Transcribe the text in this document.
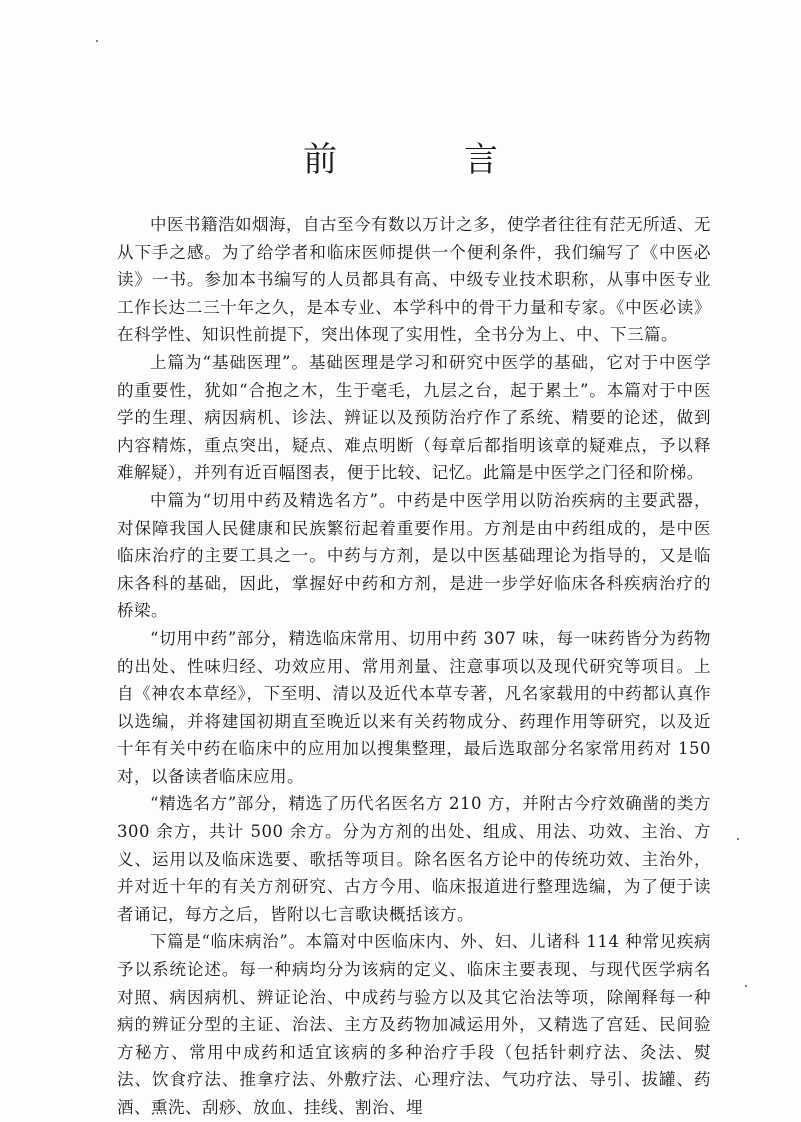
前 言

中医书籍浩如烟海，自古至今有数以万计之多，使学者往往有茫无所适、无从下手之感。为了给学者和临床医师提供一个便利条件，我们编写了《中医必读》一书。参加本书编写的人员都具有高、中级专业技术职称，从事中医专业工作长达二三十年之久，是本专业、本学科中的骨干力量和专家。《中医必读》在科学性、知识性前提下，突出体现了实用性，全书分为上、中、下三篇。

上篇为“基础医理”。基础医理是学习和研究中医学的基础，它对于中医学的重要性，犹如“合抱之木，生于毫毛，九层之台，起于累土”。本篇对于中医学的生理、病因病机、诊法、辨证以及预防治疗作了系统、精要的论述，做到内容精炼，重点突出，疑点、难点明断（每章后都指明该章的疑难点，予以释难解疑），并列有近百幅图表，便于比较、记忆。此篇是中医学之门径和阶梯。

中篇为“切用中药及精选名方”。中药是中医学用以防治疾病的主要武器，对保障我国人民健康和民族繁衍起着重要作用。方剂是由中药组成的，是中医临床治疗的主要工具之一。中药与方剂，是以中医基础理论为指导的，又是临床各科的基础，因此，掌握好中药和方剂，是进一步学好临床各科疾病治疗的桥梁。

“切用中药”部分，精选临床常用、切用中药 307 味，每一味药皆分为药物的出处、性味归经、功效应用、常用剂量、注意事项以及现代研究等项目。上自《神农本草经》，下至明、清以及近代本草专著，凡名家载用的中药都认真作以选编，并将建国初期直至晚近以来有关药物成分、药理作用等研究，以及近十年有关中药在临床中的应用加以搜集整理，最后选取部分名家常用药对 150 对，以备读者临床应用。

“精选名方”部分，精选了历代名医名方 210 方，并附古今疗效确凿的类方 300 余方，共计 500 余方。分为方剂的出处、组成、用法、功效、主治、方义、运用以及临床选要、歌括等项目。除名医名方论中的传统功效、主治外，并对近十年的有关方剂研究、古方今用、临床报道进行整理选编，为了便于读者诵记，每方之后，皆附以七言歌诀概括该方。

下篇是“临床病治”。本篇对中医临床内、外、妇、儿诸科 114 种常见疾病予以系统论述。每一种病均分为该病的定义、临床主要表现、与现代医学病名对照、病因病机、辨证论治、中成药与验方以及其它治法等项，除阐释每一种病的辨证分型的主证、治法、主方及药物加减运用外，又精选了宫廷、民间验方秘方、常用中成药和适宜该病的多种治疗手段（包括针刺疗法、灸法、熨法、饮食疗法、推拿疗法、外敷疗法、心理疗法、气功疗法、导引、拔罐、药酒、熏洗、刮痧、放血、挂线、割治、埋
